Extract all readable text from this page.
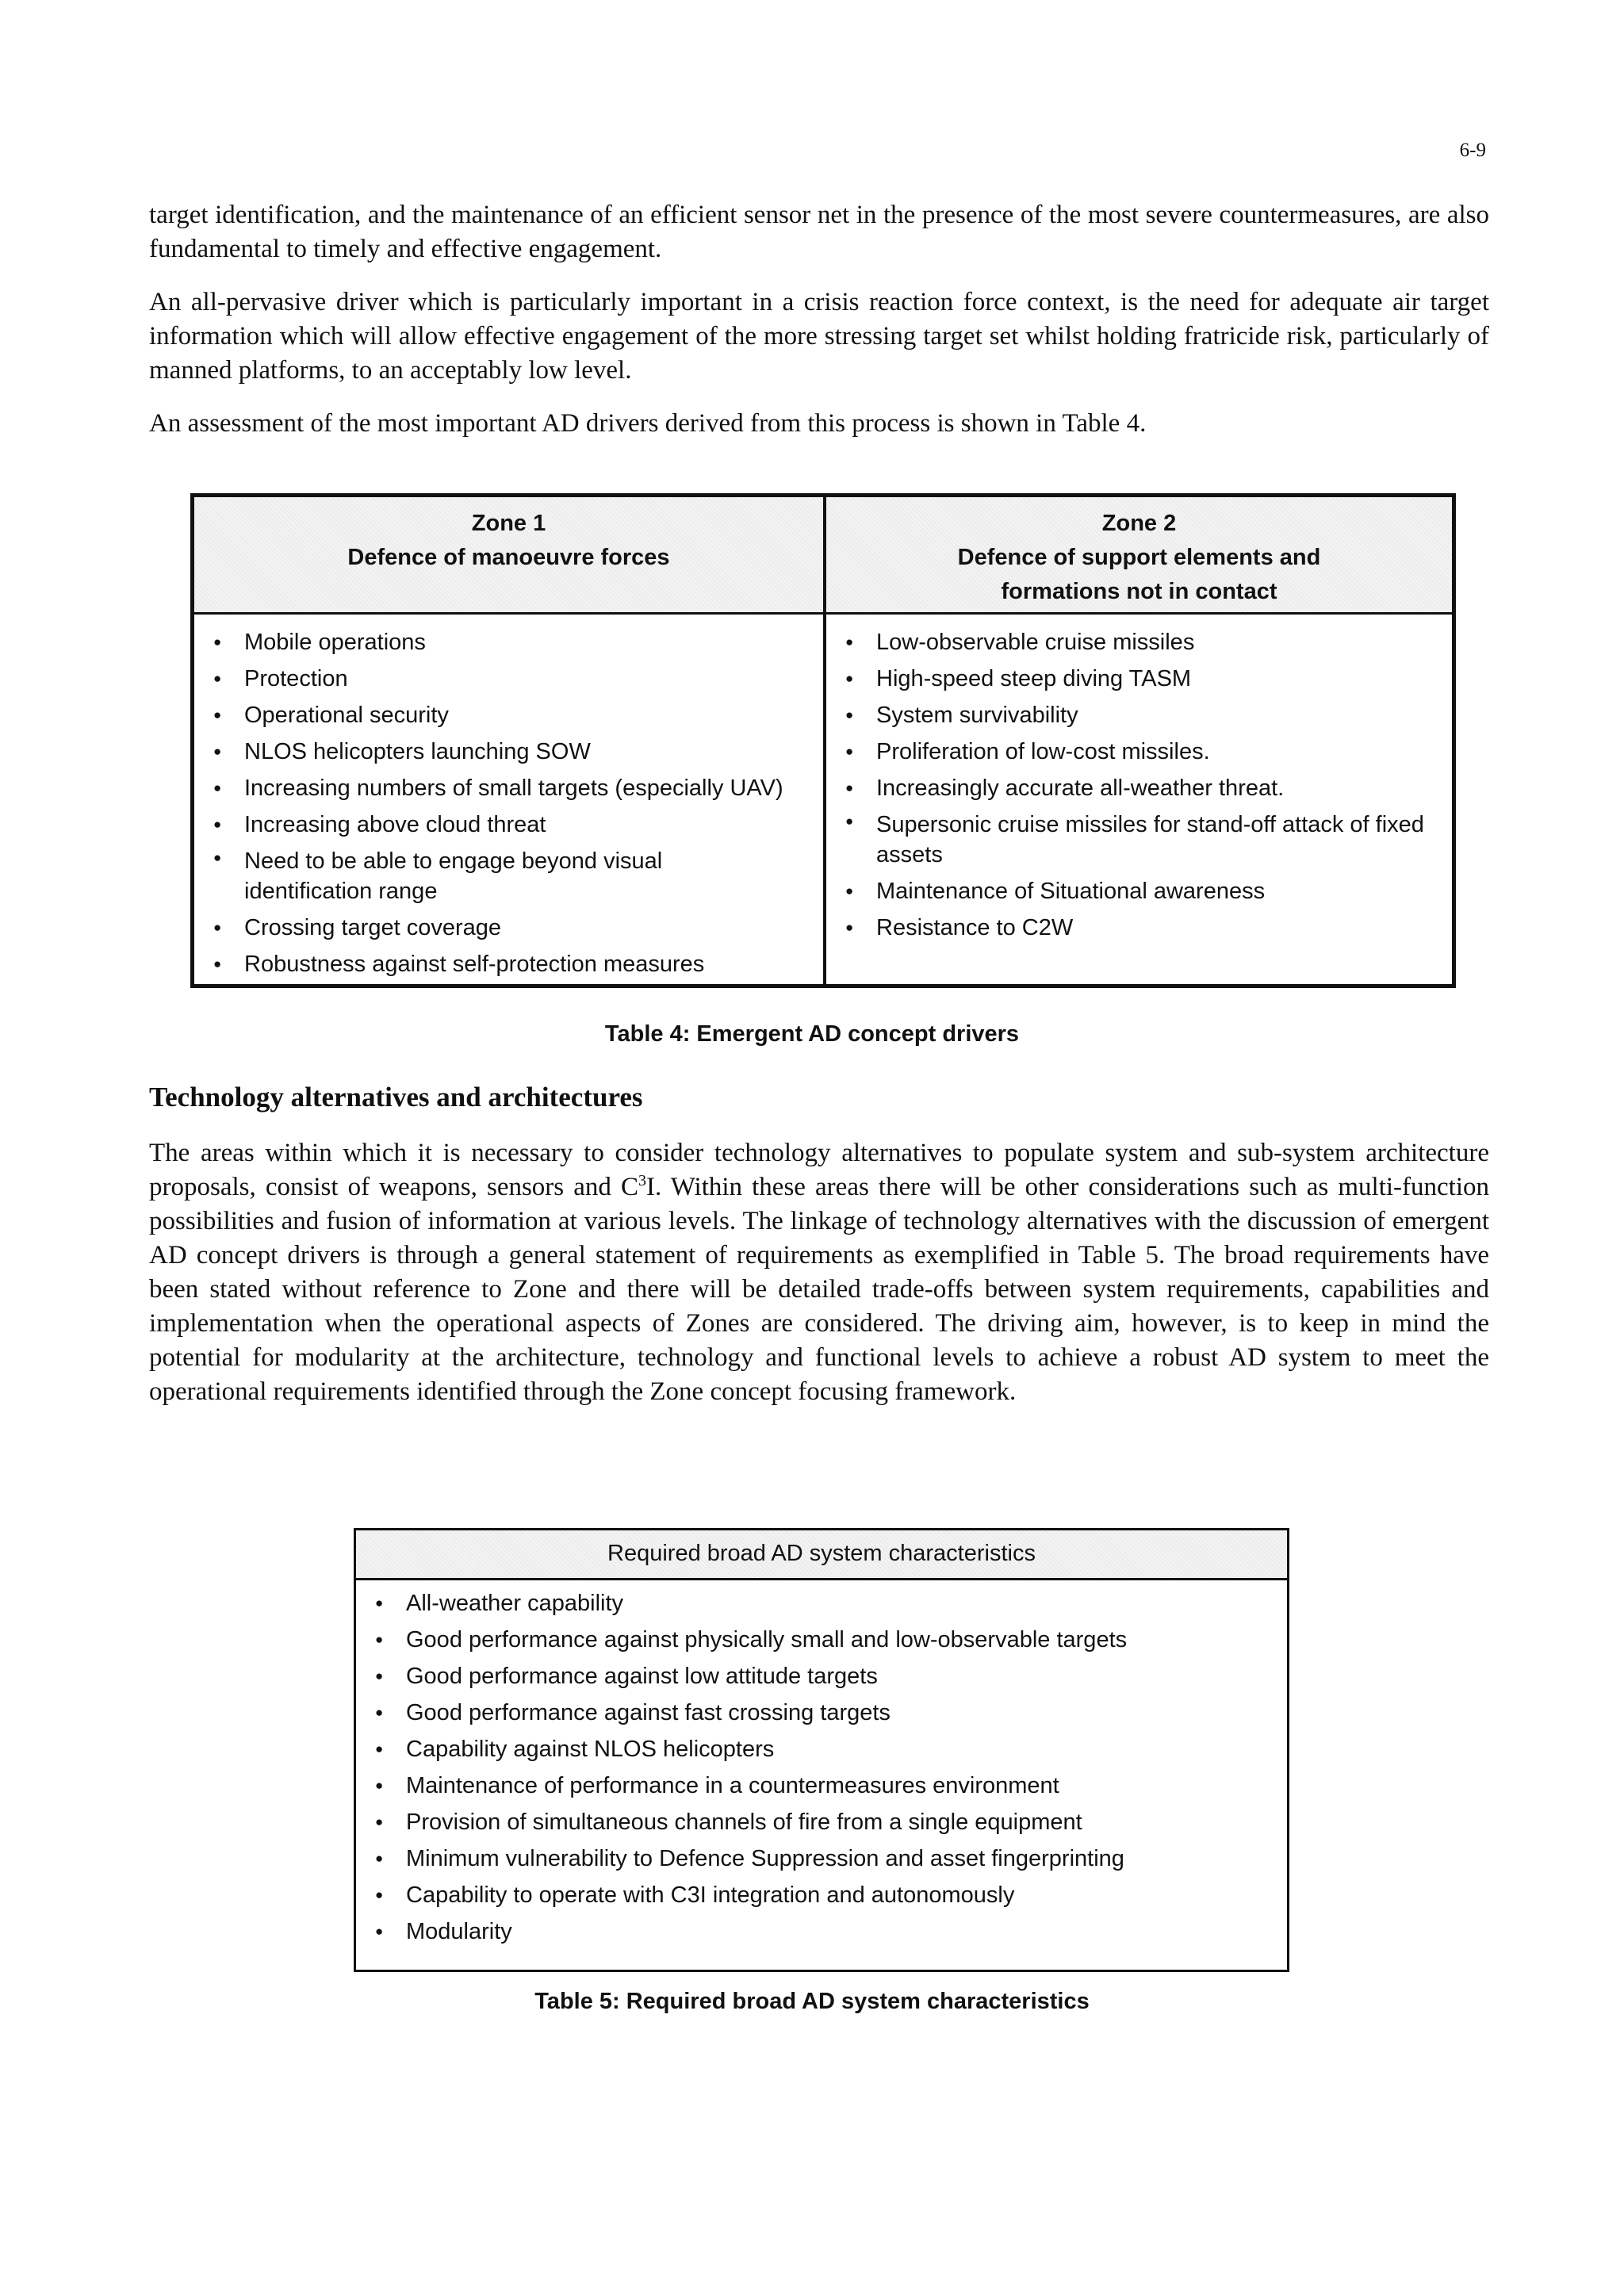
6-9

target identification, and the maintenance of an efficient sensor net in the presence of the most severe countermeasures, are also fundamental to timely and effective engagement.

An all-pervasive driver which is particularly important in a crisis reaction force context, is the need for adequate air target information which will allow effective engagement of the more stressing target set whilst holding fratricide risk, particularly of manned platforms, to an acceptably low level.

An assessment of the most important AD drivers derived from this process is shown in Table 4.

Zone 1
Defence of manoeuvre forces
● Mobile operations
● Protection
● Operational security
● NLOS helicopters launching SOW
● Increasing numbers of small targets (especially UAV)
● Increasing above cloud threat
● Need to be able to engage beyond visual identification range
● Crossing target coverage
● Robustness against self-protection measures
Zone 2
Defence of support elements and formations not in contact
● Low-observable cruise missiles
● High-speed steep diving TASM
● System survivability
● Proliferation of low-cost missiles.
● Increasingly accurate all-weather threat.
● Supersonic cruise missiles for stand-off attack of fixed assets
● Maintenance of Situational awareness
● Resistance to C2W
Table 4: Emergent AD concept drivers
Technology alternatives and architectures

The areas within which it is necessary to consider technology alternatives to populate system and sub-system architecture proposals, consist of weapons, sensors and $C^3I$. Within these areas there will be other considerations such as multi-function possibilities and fusion of information at various levels. The linkage of technology alternatives with the discussion of emergent AD concept drivers is through a general statement of requirements as exemplified in Table 5. The broad requirements have been stated without reference to Zone and there will be detailed trade-offs between system requirements, capabilities and implementation when the operational aspects of Zones are considered. The driving aim, however, is to keep in mind the potential for modularity at the architecture, technology and functional levels to achieve a robust AD system to meet the operational requirements identified through the Zone concept focusing framework.

Required broad AD system characteristics
● All-weather capability
● Good performance against physically small and low-observable targets
● Good performance against low attitude targets
● Good performance against fast crossing targets
● Capability against NLOS helicopters
● Maintenance of performance in a countermeasures environment
● Provision of simultaneous channels of fire from a single equipment
● Minimum vulnerability to Defence Suppression and asset fingerprinting
● Capability to operate with C3I integration and autonomously
● Modularity
Table 5: Required broad AD system characteristics
